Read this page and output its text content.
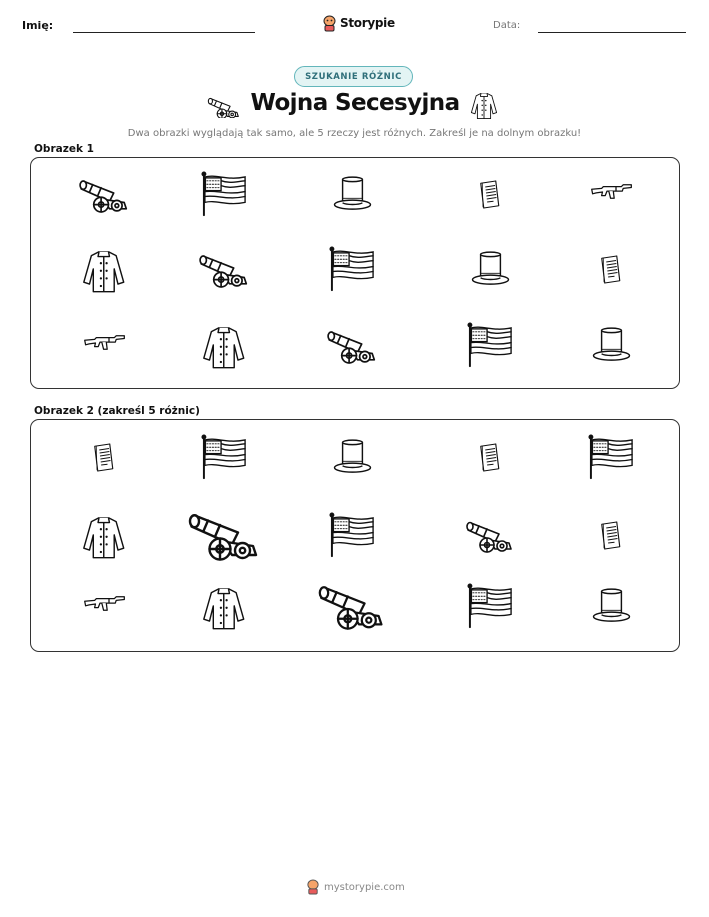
Imię:	Storypie	Data:
SZUKANIE RÓŻNIC
Wojna Secesyjna
Dwa obrazki wyglądają tak samo, ale 5 rzeczy jest różnych. Zakreśl je na dolnym obrazku!
Obrazek 1
Obrazek 2 (zakreśl 5 różnic)
mystorypie.com
